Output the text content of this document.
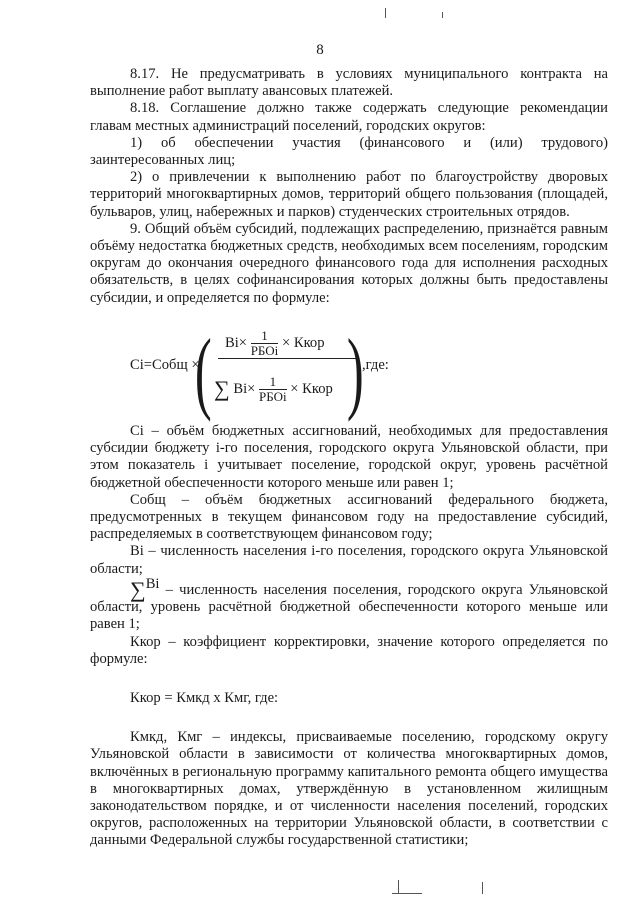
8

8.17. Не предусматривать в условиях муниципального контракта на выполнение работ выплату авансовых платежей.

8.18. Соглашение должно также содержать следующие рекомендации главам местных администраций поселений, городских округов:

1) об обеспечении участия (финансового и (или) трудового) заинтересованных лиц;

2) о привлечении к выполнению работ по благоустройству дворовых территорий многоквартирных домов, территорий общего пользования (площадей, бульваров, улиц, набережных и парков) студенческих строительных отрядов.

9. Общий объём субсидий, подлежащих распределению, признаётся равным объёму недостатка бюджетных средств, необходимых всем поселениям, городским округам до окончания очередного финансового года для исполнения расходных обязательств, в целях софинансирования которых должны быть предоставлены субсидии, и определяется по формуле:

Ci=Собщ ×
( $Bi\times \frac{1}{\text{РБОi}}$ × Ккор
∑ $Bi\times \frac{1}{\text{РБОi}}$ × Ккор )
,где:

Ci – объём бюджетных ассигнований, необходимых для предоставления субсидии бюджету i-го поселения, городского округа Ульяновской области, при этом показатель i учитывает поселение, городской округ, уровень расчётной бюджетной обеспеченности которого меньше или равен 1;

Собщ – объём бюджетных ассигнований федерального бюджета, предусмотренных в текущем финансовом году на предоставление субсидий, распределяемых в соответствующем финансовом году;

Bi – численность населения i-го поселения, городского округа Ульяновской области;

∑Bi – численность населения поселения, городского округа Ульяновской области, уровень расчётной бюджетной обеспеченности которого меньше или равен 1;

Ккор – коэффициент корректировки, значение которого определяется по формуле:

Ккор = Кмкд х Кмг, где:

Кмкд, Кмг – индексы, присваиваемые поселению, городскому округу Ульяновской области в зависимости от количества многоквартирных домов, включённых в региональную программу капитального ремонта общего имущества в многоквартирных домах, утверждённую в установленном жилищным законодательством порядке, и от численности населения поселений, городских округов, расположенных на территории Ульяновской области, в соответствии с данными Федеральной службы государственной статистики;
